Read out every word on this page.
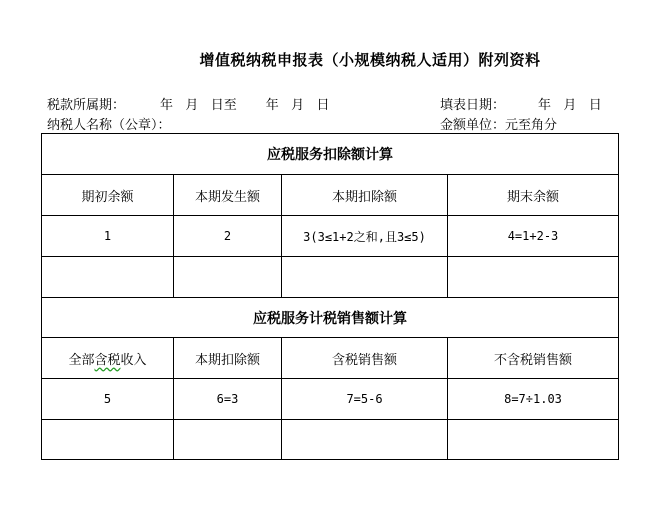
增值税纳税申报表（小规模纳税人适用）附列资料
税款所属期：	年   月   日至       年   月   日	填表日期：	年   月   日
纳税人名称（公章）：	金额单位： 元至角分
应税服务扣除额计算			
期初余额	本期发生额	本期扣除额	期末余额
1	2	3(3≤1+2之和,且3≤5)	4=1+2-3

应税服务计税销售额计算			
全部含税收入	本期扣除额	含税销售额	不含税销售额
5	6=3	7=5-6	8=7÷1.03
